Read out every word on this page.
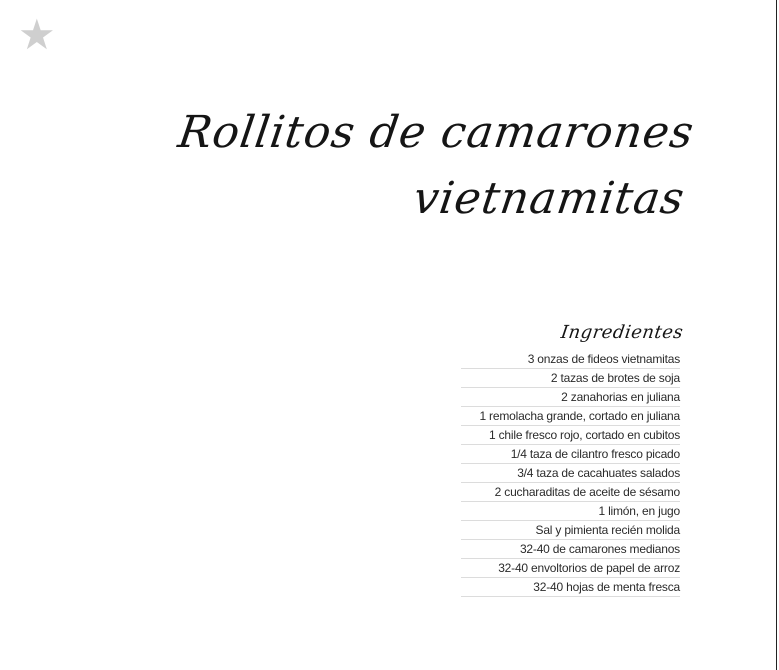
★
Rollitos de camarones
vietnamitas
Ingredientes
3 onzas de fideos vietnamitas
2 tazas de brotes de soja
2 zanahorias en juliana
1 remolacha grande, cortado en juliana
1 chile fresco rojo, cortado en cubitos
1/4 taza de cilantro fresco picado
3/4 taza de cacahuates salados
2 cucharaditas de aceite de sésamo
1 limón, en jugo
Sal y pimienta recién molida
32-40 de camarones medianos
32-40 envoltorios de papel de arroz
32-40 hojas de menta fresca
